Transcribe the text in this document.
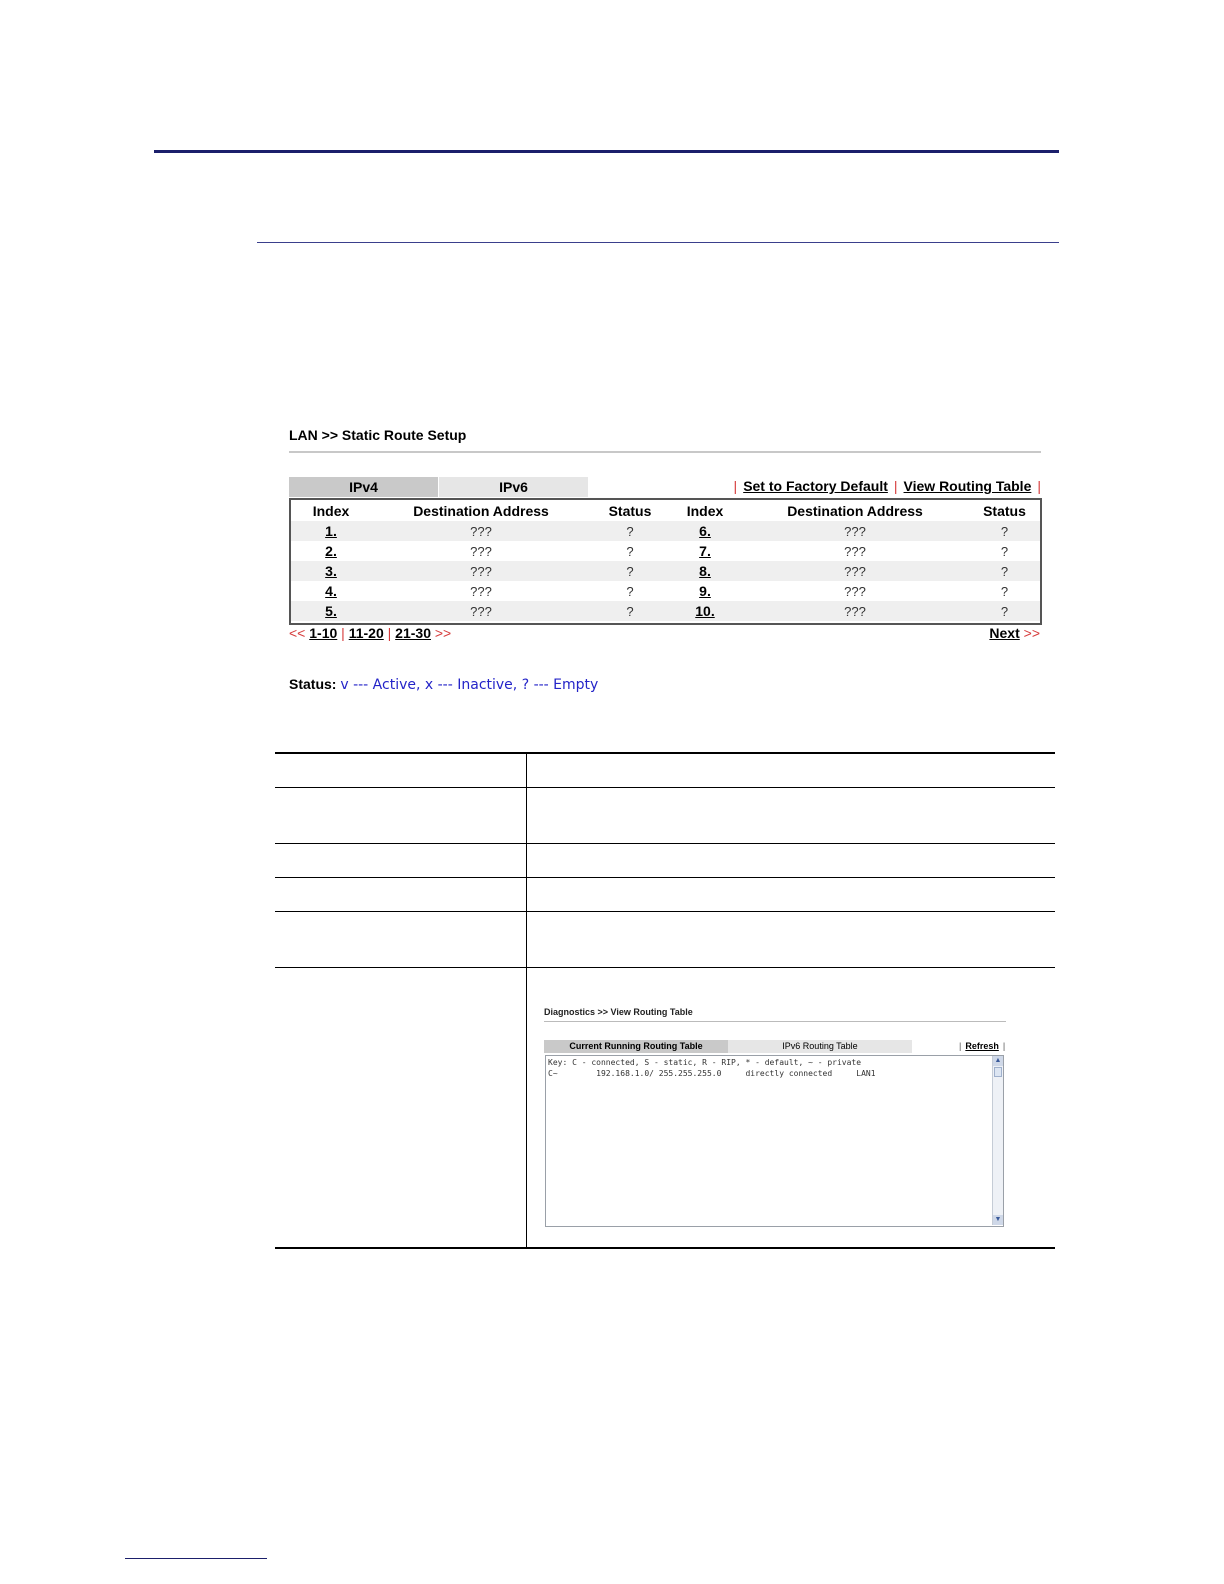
LAN >> Static Route Setup
IPv4	IPv6	| Set to Factory Default | View Routing Table |
Index	Destination Address	Status	Index	Destination Address	Status
1.	???	?	6.	???	?
2.	???	?	7.	???	?
3.	???	?	8.	???	?
4.	???	?	9.	???	?
5.	???	?	10.	???	?
<< 1-10 | 11-20 | 21-30 >>	Next >>
Status: v --- Active, x --- Inactive, ? --- Empty
Diagnostics >> View Routing Table
Current Running Routing Table	IPv6 Routing Table	| Refresh |
Key: C - connected, S - static, R - RIP, * - default, ~ - private
C~        192.168.1.0/ 255.255.255.0     directly connected     LAN1
▲
▼
